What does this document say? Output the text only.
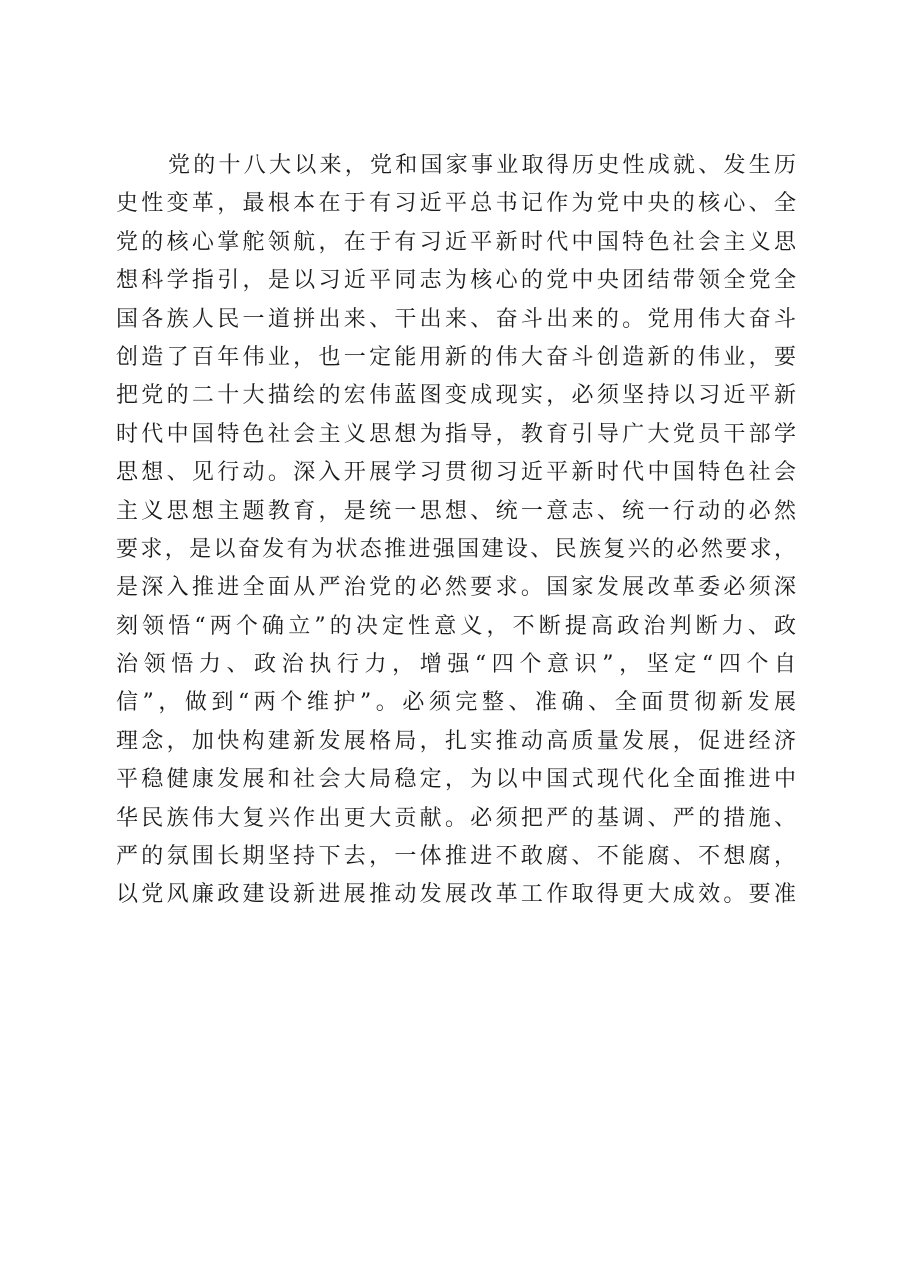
党的十八大以来，党和国家事业取得历史性成就、发生历
史性变革，最根本在于有习近平总书记作为党中央的核心、全
党的核心掌舵领航，在于有习近平新时代中国特色社会主义思
想科学指引，是以习近平同志为核心的党中央团结带领全党全
国各族人民一道拼出来、干出来、奋斗出来的。党用伟大奋斗
创造了百年伟业，也一定能用新的伟大奋斗创造新的伟业，要
把党的二十大描绘的宏伟蓝图变成现实，必须坚持以习近平新
时代中国特色社会主义思想为指导，教育引导广大党员干部学
思想、见行动。深入开展学习贯彻习近平新时代中国特色社会
主义思想主题教育，是统一思想、统一意志、统一行动的必然
要求，是以奋发有为状态推进强国建设、民族复兴的必然要求，
是深入推进全面从严治党的必然要求。国家发展改革委必须深
刻领悟“两个确立”的决定性意义，不断提高政治判断力、政
治领悟力、政治执行力，增强“四个意识”，坚定“四个自
信”，做到“两个维护”。必须完整、准确、全面贯彻新发展
理念，加快构建新发展格局，扎实推动高质量发展，促进经济
平稳健康发展和社会大局稳定，为以中国式现代化全面推进中
华民族伟大复兴作出更大贡献。必须把严的基调、严的措施、
严的氛围长期坚持下去，一体推进不敢腐、不能腐、不想腐，
以党风廉政建设新进展推动发展改革工作取得更大成效。要准
